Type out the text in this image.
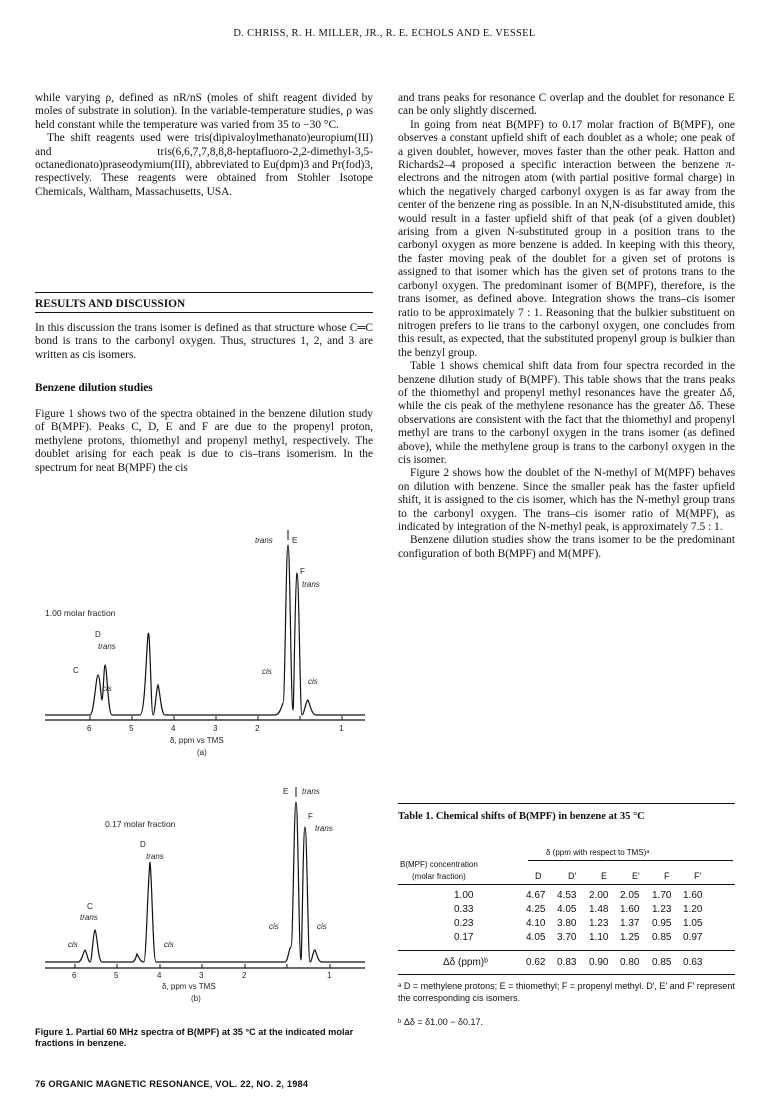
D. CHRISS, R. H. MILLER, JR., R. E. ECHOLS AND E. VESSEL

while varying ρ, defined as nR/nS (moles of shift reagent divided by moles of substrate in solution). In the variable-temperature studies, ρ was held constant while the temperature was varied from 35 to −30 °C.

The shift reagents used were tris(dipivaloylmethanato)europium(III) and tris(6,6,7,7,8,8,8-heptafluoro-2,2-dimethyl-3,5-octanedionato)praseodymium(III), abbreviated to Eu(dpm)3 and Pr(fod)3, respectively. These reagents were obtained from Stohler Isotope Chemicals, Waltham, Massachusetts, USA.

RESULTS AND DISCUSSION

In this discussion the trans isomer is defined as that structure whose C═C bond is trans to the carbonyl oxygen. Thus, structures 1, 2, and 3 are written as cis isomers.

Benzene dilution studies

Figure 1 shows two of the spectra obtained in the benzene dilution study of B(MPF). Peaks C, D, E and F are due to the propenyl proton, methylene protons, thiomethyl and propenyl methyl, respectively. The doublet arising for each peak is due to cis–trans isomerism. In the spectrum for neat B(MPF) the cis

1.00 molar fraction
D
trans
C
cis
trans E
F
trans
cis
cis
6	5	4	3	2	1
δ, ppm vs TMS
(a)
0.17 molar fraction
D
trans
C
trans
cis	cis
E trans
F
trans
cis	cis
6	5	4	3	2	1
δ, ppm vs TMS
(b)
Figure 1. Partial 60 MHz spectra of B(MPF) at 35 °C at the indicated molar fractions in benzene.

and trans peaks for resonance C overlap and the doublet for resonance E can be only slightly discerned.

In going from neat B(MPF) to 0.17 molar fraction of B(MPF), one observes a constant upfield shift of each doublet as a whole; one peak of a given doublet, however, moves faster than the other peak. Hatton and Richards2–4 proposed a specific interaction between the benzene π-electrons and the nitrogen atom (with partial positive formal charge) in which the negatively charged carbonyl oxygen is as far away from the center of the benzene ring as possible. In an N,N-disubstituted amide, this would result in a faster upfield shift of that peak (of a given doublet) arising from a given N-substituted group in a position trans to the carbonyl oxygen as more benzene is added. In keeping with this theory, the faster moving peak of the doublet for a given set of protons is assigned to that isomer which has the given set of protons trans to the carbonyl oxygen. The predominant isomer of B(MPF), therefore, is the trans isomer, as defined above. Integration shows the trans–cis isomer ratio to be approximately 7 : 1. Reasoning that the bulkier substituent on nitrogen prefers to lie trans to the carbonyl oxygen, one concludes from this result, as expected, that the substituted propenyl group is bulkier than the benzyl group.

Table 1 shows chemical shift data from four spectra recorded in the benzene dilution study of B(MPF). This table shows that the trans peaks of the thiomethyl and propenyl methyl resonances have the greater Δδ, while the cis peak of the methylene resonance has the greater Δδ. These observations are consistent with the fact that the thiomethyl and propenyl methyl are trans to the carbonyl oxygen in the trans isomer (as defined above), while the methylene group is trans to the carbonyl oxygen in the cis isomer.

Figure 2 shows how the doublet of the N-methyl of M(MPF) behaves on dilution with benzene. Since the smaller peak has the faster upfield shift, it is assigned to the cis isomer, which has the N-methyl group trans to the carbonyl oxygen. The trans–cis isomer ratio of M(MPF), as indicated by integration of the N-methyl peak, is approximately 7.5 : 1.

Benzene dilution studies show the trans isomer to be the predominant configuration of both B(MPF) and M(MPF).

Table 1. Chemical shifts of B(MPF) in benzene at 35 °C
δ (ppm with respect to TMS)ᵃ
B(MPF) concentration
(molar fraction)	D	D′	E	E′	F	F′
1.00	4.67 4.53 2.00 2.05 1.70 1.60
0.33	4.25 4.05 1.48 1.60 1.23 1.20
0.23	4.10 3.80 1.23 1.37 0.95 1.05
0.17	4.05 3.70 1.10 1.25 0.85 0.97
Δδ (ppm)ᵇ	0.62 0.83 0.90 0.80 0.85 0.63
ᵃ D = methylene protons; E = thiomethyl; F = propenyl methyl. D′, E′ and F′ represent the corresponding cis isomers.
ᵇ Δδ = δ1.00 − δ0.17.
76 ORGANIC MAGNETIC RESONANCE, VOL. 22, NO. 2, 1984
